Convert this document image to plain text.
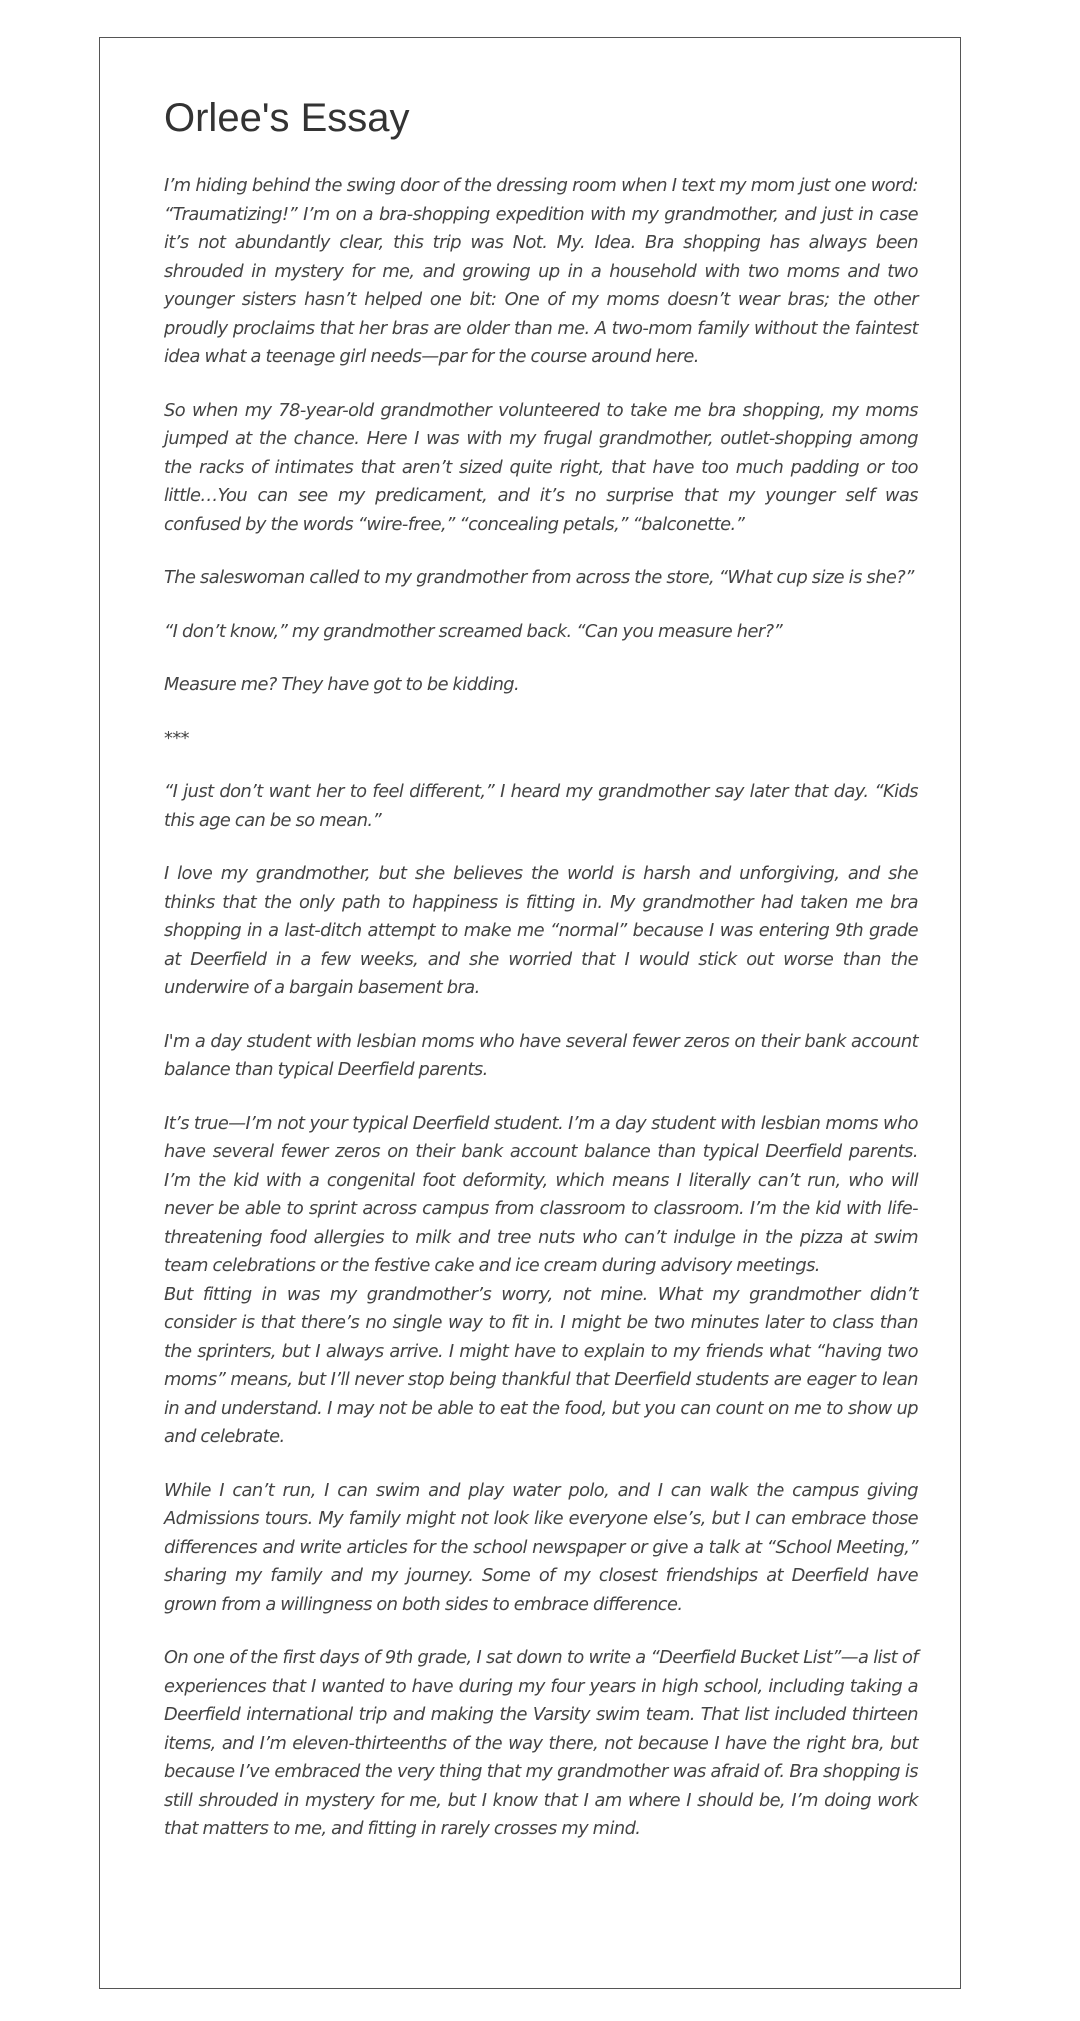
Orlee's Essay

I’m hiding behind the swing door of the dressing room when I text my mom just one word: “Traumatizing!” I’m on a bra-shopping expedition with my grandmother, and just in case it’s not abundantly clear, this trip was Not. My. Idea. Bra shopping has always been shrouded in mystery for me, and growing up in a household with two moms and two younger sisters hasn’t helped one bit: One of my moms doesn’t wear bras; the other proudly proclaims that her bras are older than me. A two-mom family without the faintest idea what a teenage girl needs—par for the course around here.

So when my 78-year-old grandmother volunteered to take me bra shopping, my moms jumped at the chance. Here I was with my frugal grandmother, outlet-shopping among the racks of intimates that aren’t sized quite right, that have too much padding or too little…You can see my predicament, and it’s no surprise that my younger self was confused by the words “wire-free,” “concealing petals,” “balconette.”

The saleswoman called to my grandmother from across the store, “What cup size is she?”

“I don’t know,” my grandmother screamed back. “Can you measure her?”

Measure me? They have got to be kidding.

***

“I just don’t want her to feel different,” I heard my grandmother say later that day. “Kids this age can be so mean.”

I love my grandmother, but she believes the world is harsh and unforgiving, and she thinks that the only path to happiness is fitting in. My grandmother had taken me bra shopping in a last-ditch attempt to make me “normal” because I was entering 9th grade at Deerfield in a few weeks, and she worried that I would stick out worse than the underwire of a bargain basement bra.

I'm a day student with lesbian moms who have several fewer zeros on their bank account balance than typical Deerfield parents.

It’s true—I’m not your typical Deerfield student. I’m a day student with lesbian moms who have several fewer zeros on their bank account balance than typical Deerfield parents. I’m the kid with a congenital foot deformity, which means I literally can’t run, who will never be able to sprint across campus from classroom to classroom. I’m the kid with life-threatening food allergies to milk and tree nuts who can’t indulge in the pizza at swim team celebrations or the festive cake and ice cream during advisory meetings.

But fitting in was my grandmother’s worry, not mine. What my grandmother didn’t consider is that there’s no single way to fit in. I might be two minutes later to class than the sprinters, but I always arrive. I might have to explain to my friends what “having two moms” means, but I’ll never stop being thankful that Deerfield students are eager to lean in and understand. I may not be able to eat the food, but you can count on me to show up and celebrate.

While I can’t run, I can swim and play water polo, and I can walk the campus giving Admissions tours. My family might not look like everyone else’s, but I can embrace those differences and write articles for the school newspaper or give a talk at “School Meeting,” sharing my family and my journey. Some of my closest friendships at Deerfield have grown from a willingness on both sides to embrace difference.

On one of the first days of 9th grade, I sat down to write a “Deerfield Bucket List”—a list of experiences that I wanted to have during my four years in high school, including taking a Deerfield international trip and making the Varsity swim team. That list included thirteen items, and I’m eleven-thirteenths of the way there, not because I have the right bra, but because I’ve embraced the very thing that my grandmother was afraid of. Bra shopping is still shrouded in mystery for me, but I know that I am where I should be, I’m doing work that matters to me, and fitting in rarely crosses my mind.
